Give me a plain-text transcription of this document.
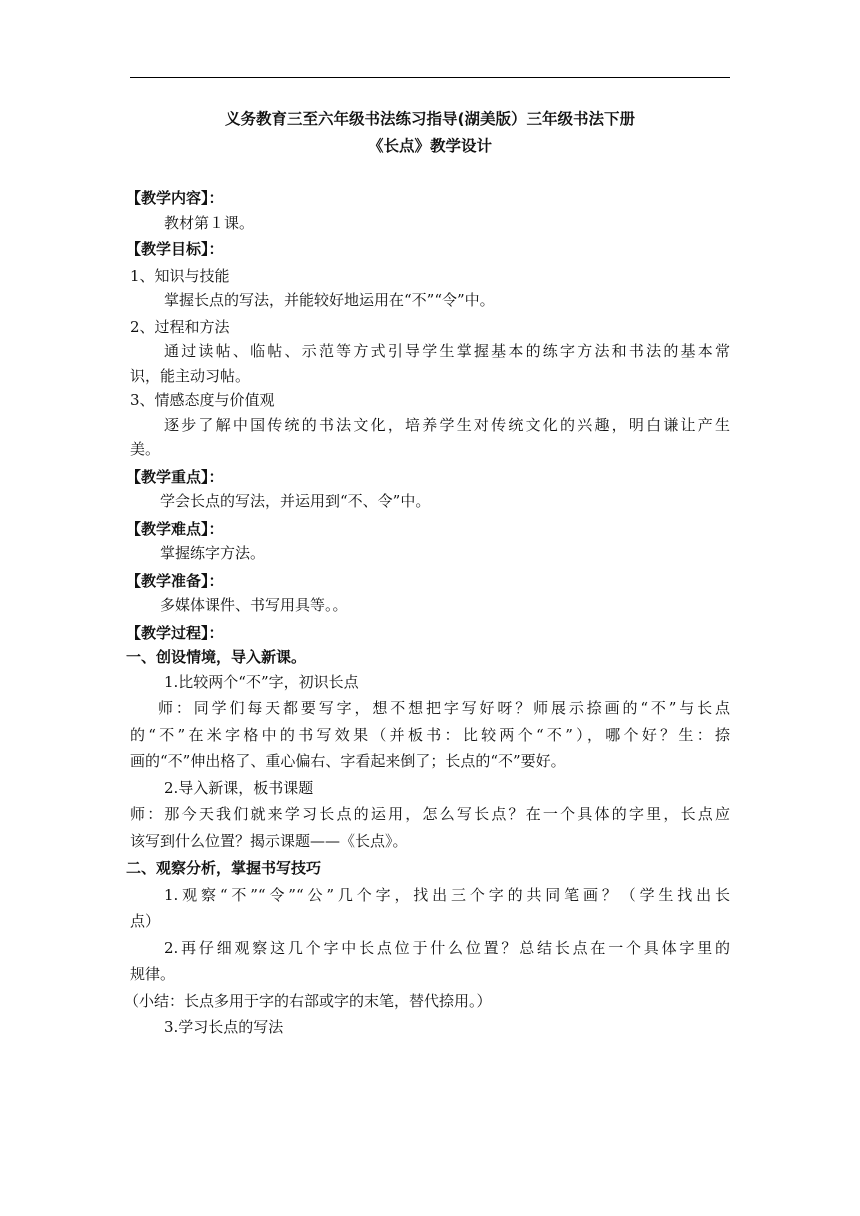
义务教育三至六年级书法练习指导(湖美版）三年级书法下册
《长点》教学设计
【教学内容】：
教材第１课。
【教学目标】：
1、知识与技能
掌握长点的写法，并能较好地运用在“不”“令”中。
2、过程和方法
通过读帖、临帖、示范等方式引导学生掌握基本的练字方法和书法的基本常
识，能主动习帖。
3、情感态度与价值观
逐步了解中国传统的书法文化，培养学生对传统文化的兴趣，明白谦让产生
美。
【教学重点】：
学会长点的写法，并运用到“不、令”中。
【教学难点】：
掌握练字方法。
【教学准备】：
多媒体课件、书写用具等。。
【教学过程】：
一、创设情境，导入新课。
1.比较两个“不”字，初识长点
师：同学们每天都要写字，想不想把字写好呀？师展示捺画的“不”与长点
的“不”在米字格中的书写效果（并板书：比较两个“不”），哪个好？生：捺
画的“不”伸出格了、重心偏右、字看起来倒了；长点的“不”要好。
2.导入新课，板书课题
师：那今天我们就来学习长点的运用，怎么写长点？在一个具体的字里，长点应
该写到什么位置？揭示课题——《长点》。
二、观察分析，掌握书写技巧
1.观察“不”“令”“公”几个字，找出三个字的共同笔画？（学生找出长
点）
2.再仔细观察这几个字中长点位于什么位置？总结长点在一个具体字里的
规律。
（小结：长点多用于字的右部或字的末笔，替代捺用。）
3.学习长点的写法
